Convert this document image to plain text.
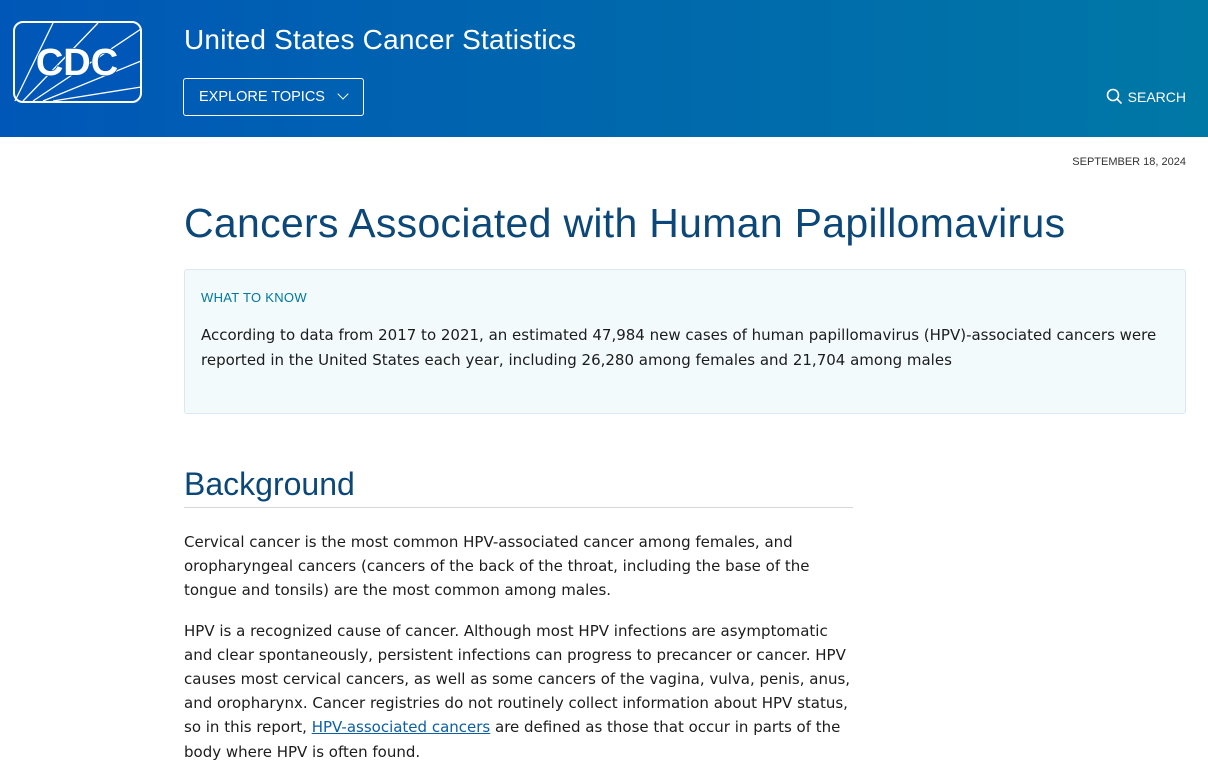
CDC
United States Cancer Statistics
EXPLORE TOPICS	SEARCH
SEPTEMBER 18, 2024
Cancers Associated with Human Papillomavirus
WHAT TO KNOW

According to data from 2017 to 2021, an estimated 47,984 new cases of human papillomavirus (HPV)-associated cancers were reported in the United States each year, including 26,280 among females and 21,704 among males

Background

Cervical cancer is the most common HPV-associated cancer among females, and oropharyngeal cancers (cancers of the back of the throat, including the base of the tongue and tonsils) are the most common among males.

HPV is a recognized cause of cancer. Although most HPV infections are asymptomatic and clear spontaneously, persistent infections can progress to precancer or cancer. HPV causes most cervical cancers, as well as some cancers of the vagina, vulva, penis, anus, and oropharynx. Cancer registries do not routinely collect information about HPV status, so in this report, HPV-associated cancers are defined as those that occur in parts of the body where HPV is often found.
